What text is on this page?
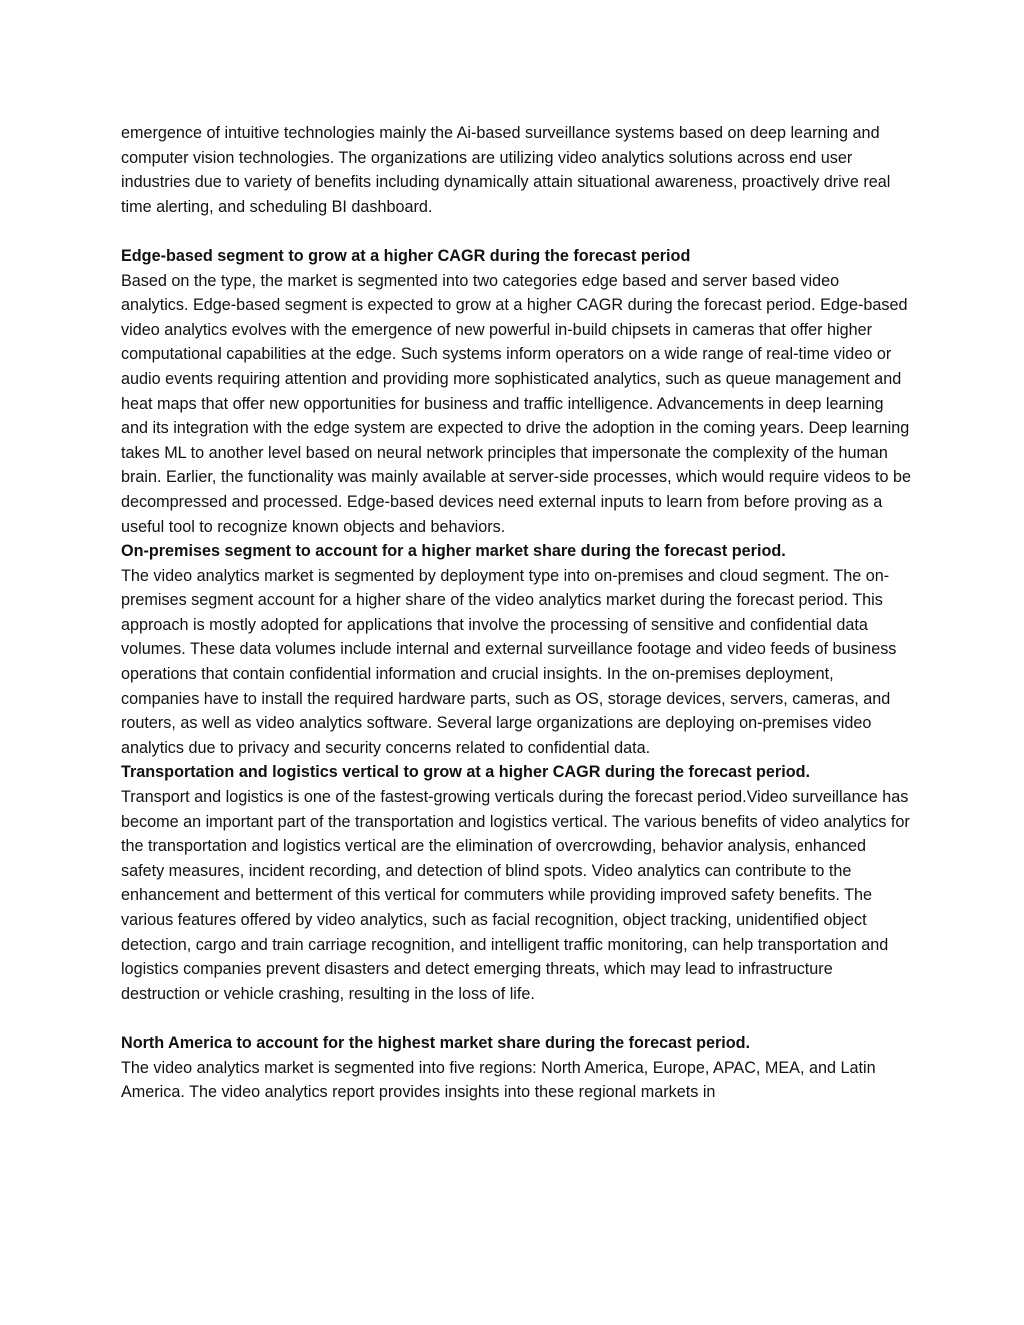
emergence of intuitive technologies mainly the Ai-based surveillance systems based on deep learning and computer vision technologies. The organizations are utilizing video analytics solutions across end user industries due to variety of benefits including dynamically attain situational awareness, proactively drive real time alerting, and scheduling BI dashboard.

Edge-based segment to grow at a higher CAGR during the forecast period

Based on the type, the market is segmented into two categories edge based and server based video analytics. Edge-based segment is expected to grow at a higher CAGR during the forecast period. Edge-based video analytics evolves with the emergence of new powerful in-build chipsets in cameras that offer higher computational capabilities at the edge. Such systems inform operators on a wide range of real-time video or audio events requiring attention and providing more sophisticated analytics, such as queue management and heat maps that offer new opportunities for business and traffic intelligence. Advancements in deep learning and its integration with the edge system are expected to drive the adoption in the coming years. Deep learning takes ML to another level based on neural network principles that impersonate the complexity of the human brain. Earlier, the functionality was mainly available at server-side processes, which would require videos to be decompressed and processed. Edge-based devices need external inputs to learn from before proving as a useful tool to recognize known objects and behaviors.

On-premises segment to account for a higher market share during the forecast period.

The video analytics market is segmented by deployment type into on-premises and cloud segment. The on-premises segment account for a higher share of the video analytics market during the forecast period. This approach is mostly adopted for applications that involve the processing of sensitive and confidential data volumes. These data volumes include internal and external surveillance footage and video feeds of business operations that contain confidential information and crucial insights. In the on-premises deployment, companies have to install the required hardware parts, such as OS, storage devices, servers, cameras, and routers, as well as video analytics software. Several large organizations are deploying on-premises video analytics due to privacy and security concerns related to confidential data.

Transportation and logistics vertical to grow at a higher CAGR during the forecast period.

Transport and logistics is one of the fastest-growing verticals during the forecast period.Video surveillance has become an important part of the transportation and logistics vertical. The various benefits of video analytics for the transportation and logistics vertical are the elimination of overcrowding, behavior analysis, enhanced safety measures, incident recording, and detection of blind spots. Video analytics can contribute to the enhancement and betterment of this vertical for commuters while providing improved safety benefits. The various features offered by video analytics, such as facial recognition, object tracking, unidentified object detection, cargo and train carriage recognition, and intelligent traffic monitoring, can help transportation and logistics companies prevent disasters and detect emerging threats, which may lead to infrastructure destruction or vehicle crashing, resulting in the loss of life.

North America to account for the highest market share during the forecast period.

The video analytics market is segmented into five regions: North America, Europe, APAC, MEA, and Latin America. The video analytics report provides insights into these regional markets in
